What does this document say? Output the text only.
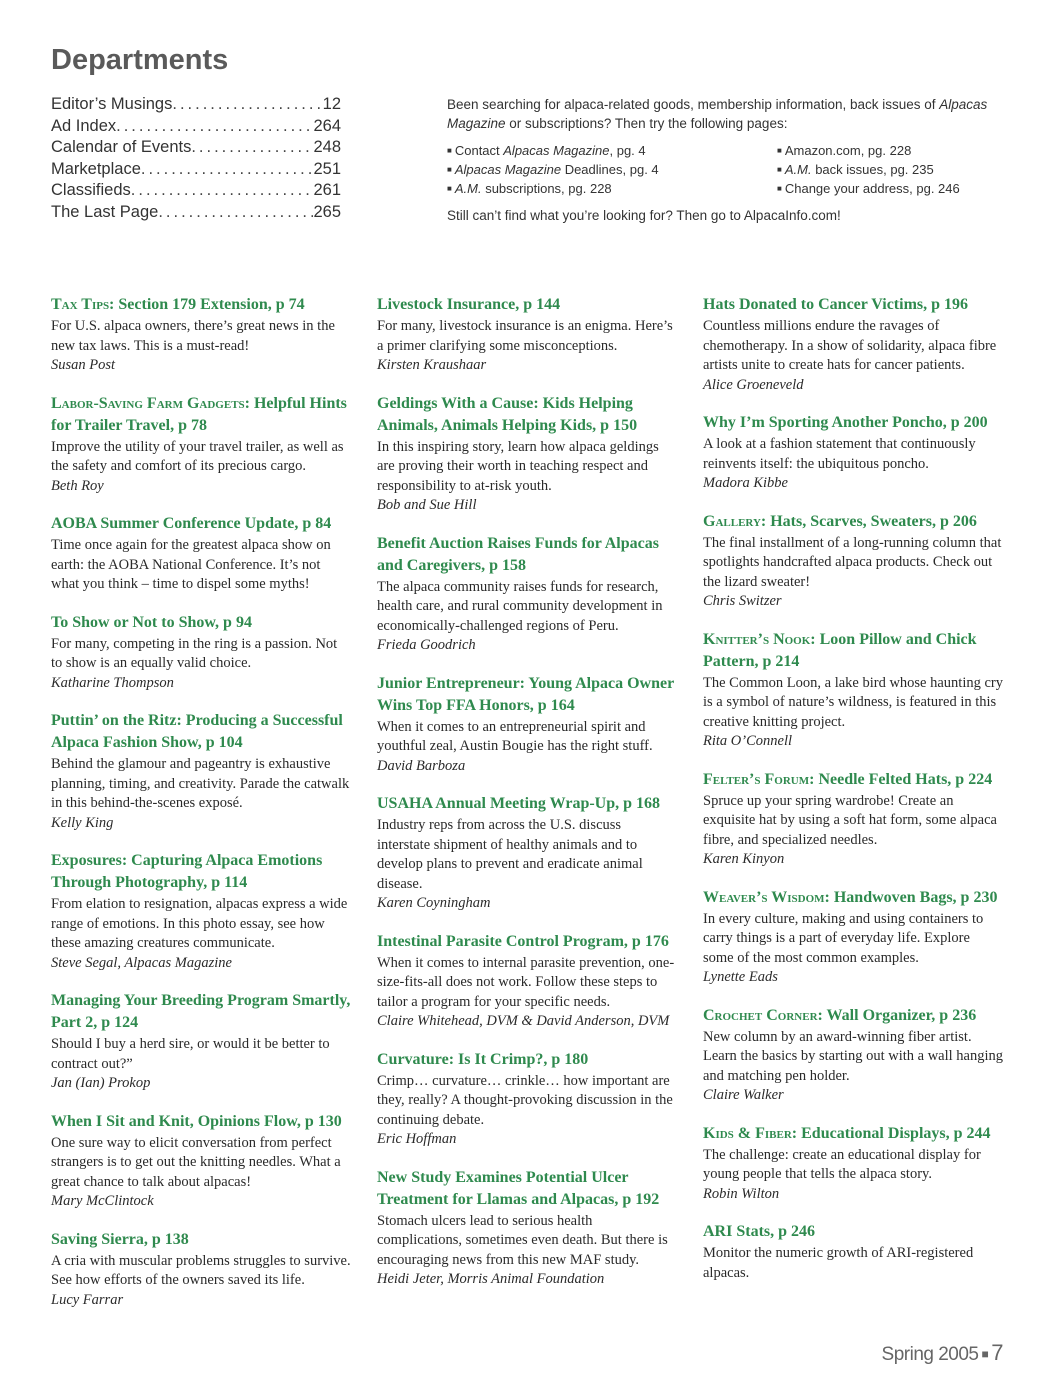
Departments
Editor’s Musings .....	12
Ad Index .....	264
Calendar of Events .....	248
Marketplace .....	251
Classifieds .....	261
The Last Page .....	265

Been searching for alpaca-related goods, membership information, back issues of Alpacas Magazine or subscriptions? Then try the following pages:

■ Contact Alpacas Magazine, pg. 4	■ Amazon.com, pg. 228
■ Alpacas Magazine Deadlines, pg. 4	■ A.M. back issues, pg. 235
■ A.M. subscriptions, pg. 228	■ Change your address, pg. 246

Still can’t find what you’re looking for? Then go to AlpacaInfo.com!

Tax Tips: Section 179 Extension, p 74
For U.S. alpaca owners, there’s great news in the new tax laws. This is a must-read!
Susan Post
Labor-Saving Farm Gadgets: Helpful Hints for Trailer Travel, p 78
Improve the utility of your travel trailer, as well as the safety and comfort of its precious cargo.
Beth Roy
AOBA Summer Conference Update, p 84
Time once again for the greatest alpaca show on earth: the AOBA National Conference. It’s not what you think – time to dispel some myths!
To Show or Not to Show, p 94
For many, competing in the ring is a passion. Not to show is an equally valid choice.
Katharine Thompson
Puttin’ on the Ritz: Producing a Successful Alpaca Fashion Show, p 104
Behind the glamour and pageantry is exhaustive planning, timing, and creativity. Parade the catwalk in this behind-the-scenes exposé.
Kelly King
Exposures: Capturing Alpaca Emotions Through Photography, p 114
From elation to resignation, alpacas express a wide range of emotions. In this photo essay, see how these amazing creatures communicate.
Steve Segal, Alpacas Magazine
Managing Your Breeding Program Smartly, Part 2, p 124
Should I buy a herd sire, or would it be better to contract out?”
Jan (Ian) Prokop
When I Sit and Knit, Opinions Flow, p 130
One sure way to elicit conversation from perfect strangers is to get out the knitting needles. What a great chance to talk about alpacas!
Mary McClintock
Saving Sierra, p 138
A cria with muscular problems struggles to survive. See how efforts of the owners saved its life.
Lucy Farrar
Livestock Insurance, p 144
For many, livestock insurance is an enigma. Here’s a primer clarifying some misconceptions.
Kirsten Kraushaar
Geldings With a Cause: Kids Helping Animals, Animals Helping Kids, p 150
In this inspiring story, learn how alpaca geldings are proving their worth in teaching respect and responsibility to at-risk youth.
Bob and Sue Hill
Benefit Auction Raises Funds for Alpacas and Caregivers, p 158
The alpaca community raises funds for research, health care, and rural community development in economically-challenged regions of Peru.
Frieda Goodrich
Junior Entrepreneur: Young Alpaca Owner Wins Top FFA Honors, p 164
When it comes to an entrepreneurial spirit and youthful zeal, Austin Bougie has the right stuff.
David Barboza
USAHA Annual Meeting Wrap-Up, p 168
Industry reps from across the U.S. discuss interstate shipment of healthy animals and to develop plans to prevent and eradicate animal disease.
Karen Coyningham
Intestinal Parasite Control Program, p 176
When it comes to internal parasite prevention, one-size-fits-all does not work. Follow these steps to tailor a program for your specific needs.
Claire Whitehead, DVM & David Anderson, DVM
Curvature: Is It Crimp?, p 180
Crimp… curvature… crinkle… how important are they, really? A thought-provoking discussion in the continuing debate.
Eric Hoffman
New Study Examines Potential Ulcer Treatment for Llamas and Alpacas, p 192
Stomach ulcers lead to serious health complications, sometimes even death. But there is encouraging news from this new MAF study.
Heidi Jeter, Morris Animal Foundation
Hats Donated to Cancer Victims, p 196
Countless millions endure the ravages of chemotherapy. In a show of solidarity, alpaca fibre artists unite to create hats for cancer patients.
Alice Groeneveld
Why I’m Sporting Another Poncho, p 200
A look at a fashion statement that continuously reinvents itself: the ubiquitous poncho.
Madora Kibbe
Gallery: Hats, Scarves, Sweaters, p 206
The final installment of a long-running column that spotlights handcrafted alpaca products. Check out the lizard sweater!
Chris Switzer
Knitter’s Nook: Loon Pillow and Chick Pattern, p 214
The Common Loon, a lake bird whose haunting cry is a symbol of nature’s wildness, is featured in this creative knitting project.
Rita O’Connell
Felter’s Forum: Needle Felted Hats, p 224
Spruce up your spring wardrobe! Create an exquisite hat by using a soft hat form, some alpaca fibre, and specialized needles.
Karen Kinyon
Weaver’s Wisdom: Handwoven Bags, p 230
In every culture, making and using containers to carry things is a part of everyday life. Explore some of the most common examples.
Lynette Eads
Crochet Corner: Wall Organizer, p 236
New column by an award-winning fiber artist. Learn the basics by starting out with a wall hanging and matching pen holder.
Claire Walker
Kids & Fiber: Educational Displays, p 244
The challenge: create an educational display for young people that tells the alpaca story.
Robin Wilton
ARI Stats, p 246
Monitor the numeric growth of ARI-registered alpacas.
Spring 2005 ■ 7
